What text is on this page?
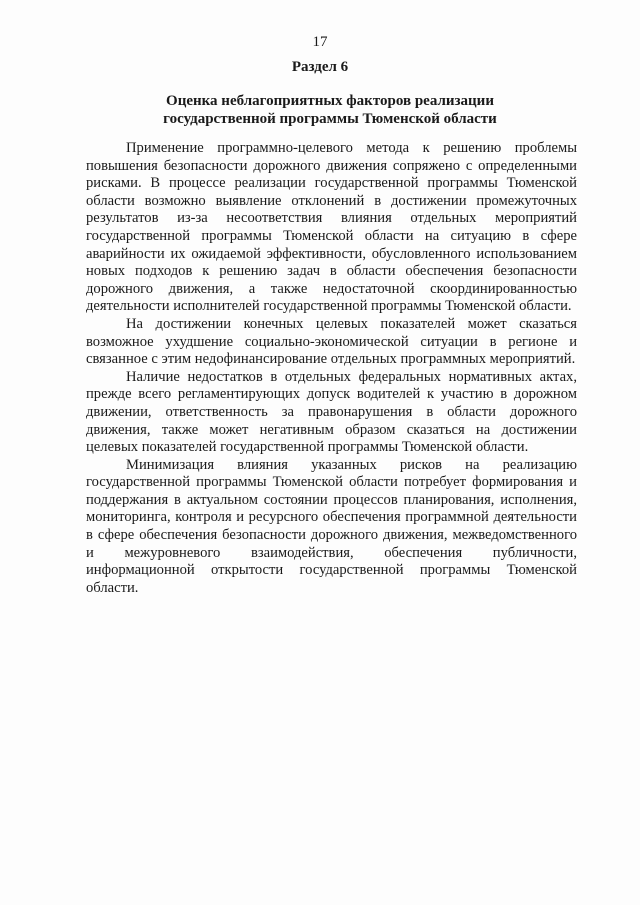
17
Раздел 6
Оценка неблагоприятных факторов реализации государственной программы Тюменской области

Применение программно-целевого метода к решению проблемы повышения безопасности дорожного движения сопряжено с определенными рисками. В процессе реализации государственной программы Тюменской области возможно выявление отклонений в достижении промежуточных результатов из-за несоответствия влияния отдельных мероприятий государственной программы Тюменской области на ситуацию в сфере аварийности их ожидаемой эффективности, обусловленного использованием новых подходов к решению задач в области обеспечения безопасности дорожного движения, а также недостаточной скоординированностью деятельности исполнителей государственной программы Тюменской области.

На достижении конечных целевых показателей может сказаться возможное ухудшение социально-экономической ситуации в регионе и связанное с этим недофинансирование отдельных программных мероприятий.

Наличие недостатков в отдельных федеральных нормативных актах, прежде всего регламентирующих допуск водителей к участию в дорожном движении, ответственность за правонарушения в области дорожного движения, также может негативным образом сказаться на достижении целевых показателей государственной программы Тюменской области.

Минимизация влияния указанных рисков на реализацию государственной программы Тюменской области потребует формирования и поддержания в актуальном состоянии процессов планирования, исполнения, мониторинга, контроля и ресурсного обеспечения программной деятельности в сфере обеспечения безопасности дорожного движения, межведомственного и межуровневого взаимодействия, обеспечения публичности, информационной открытости государственной программы Тюменской области.
